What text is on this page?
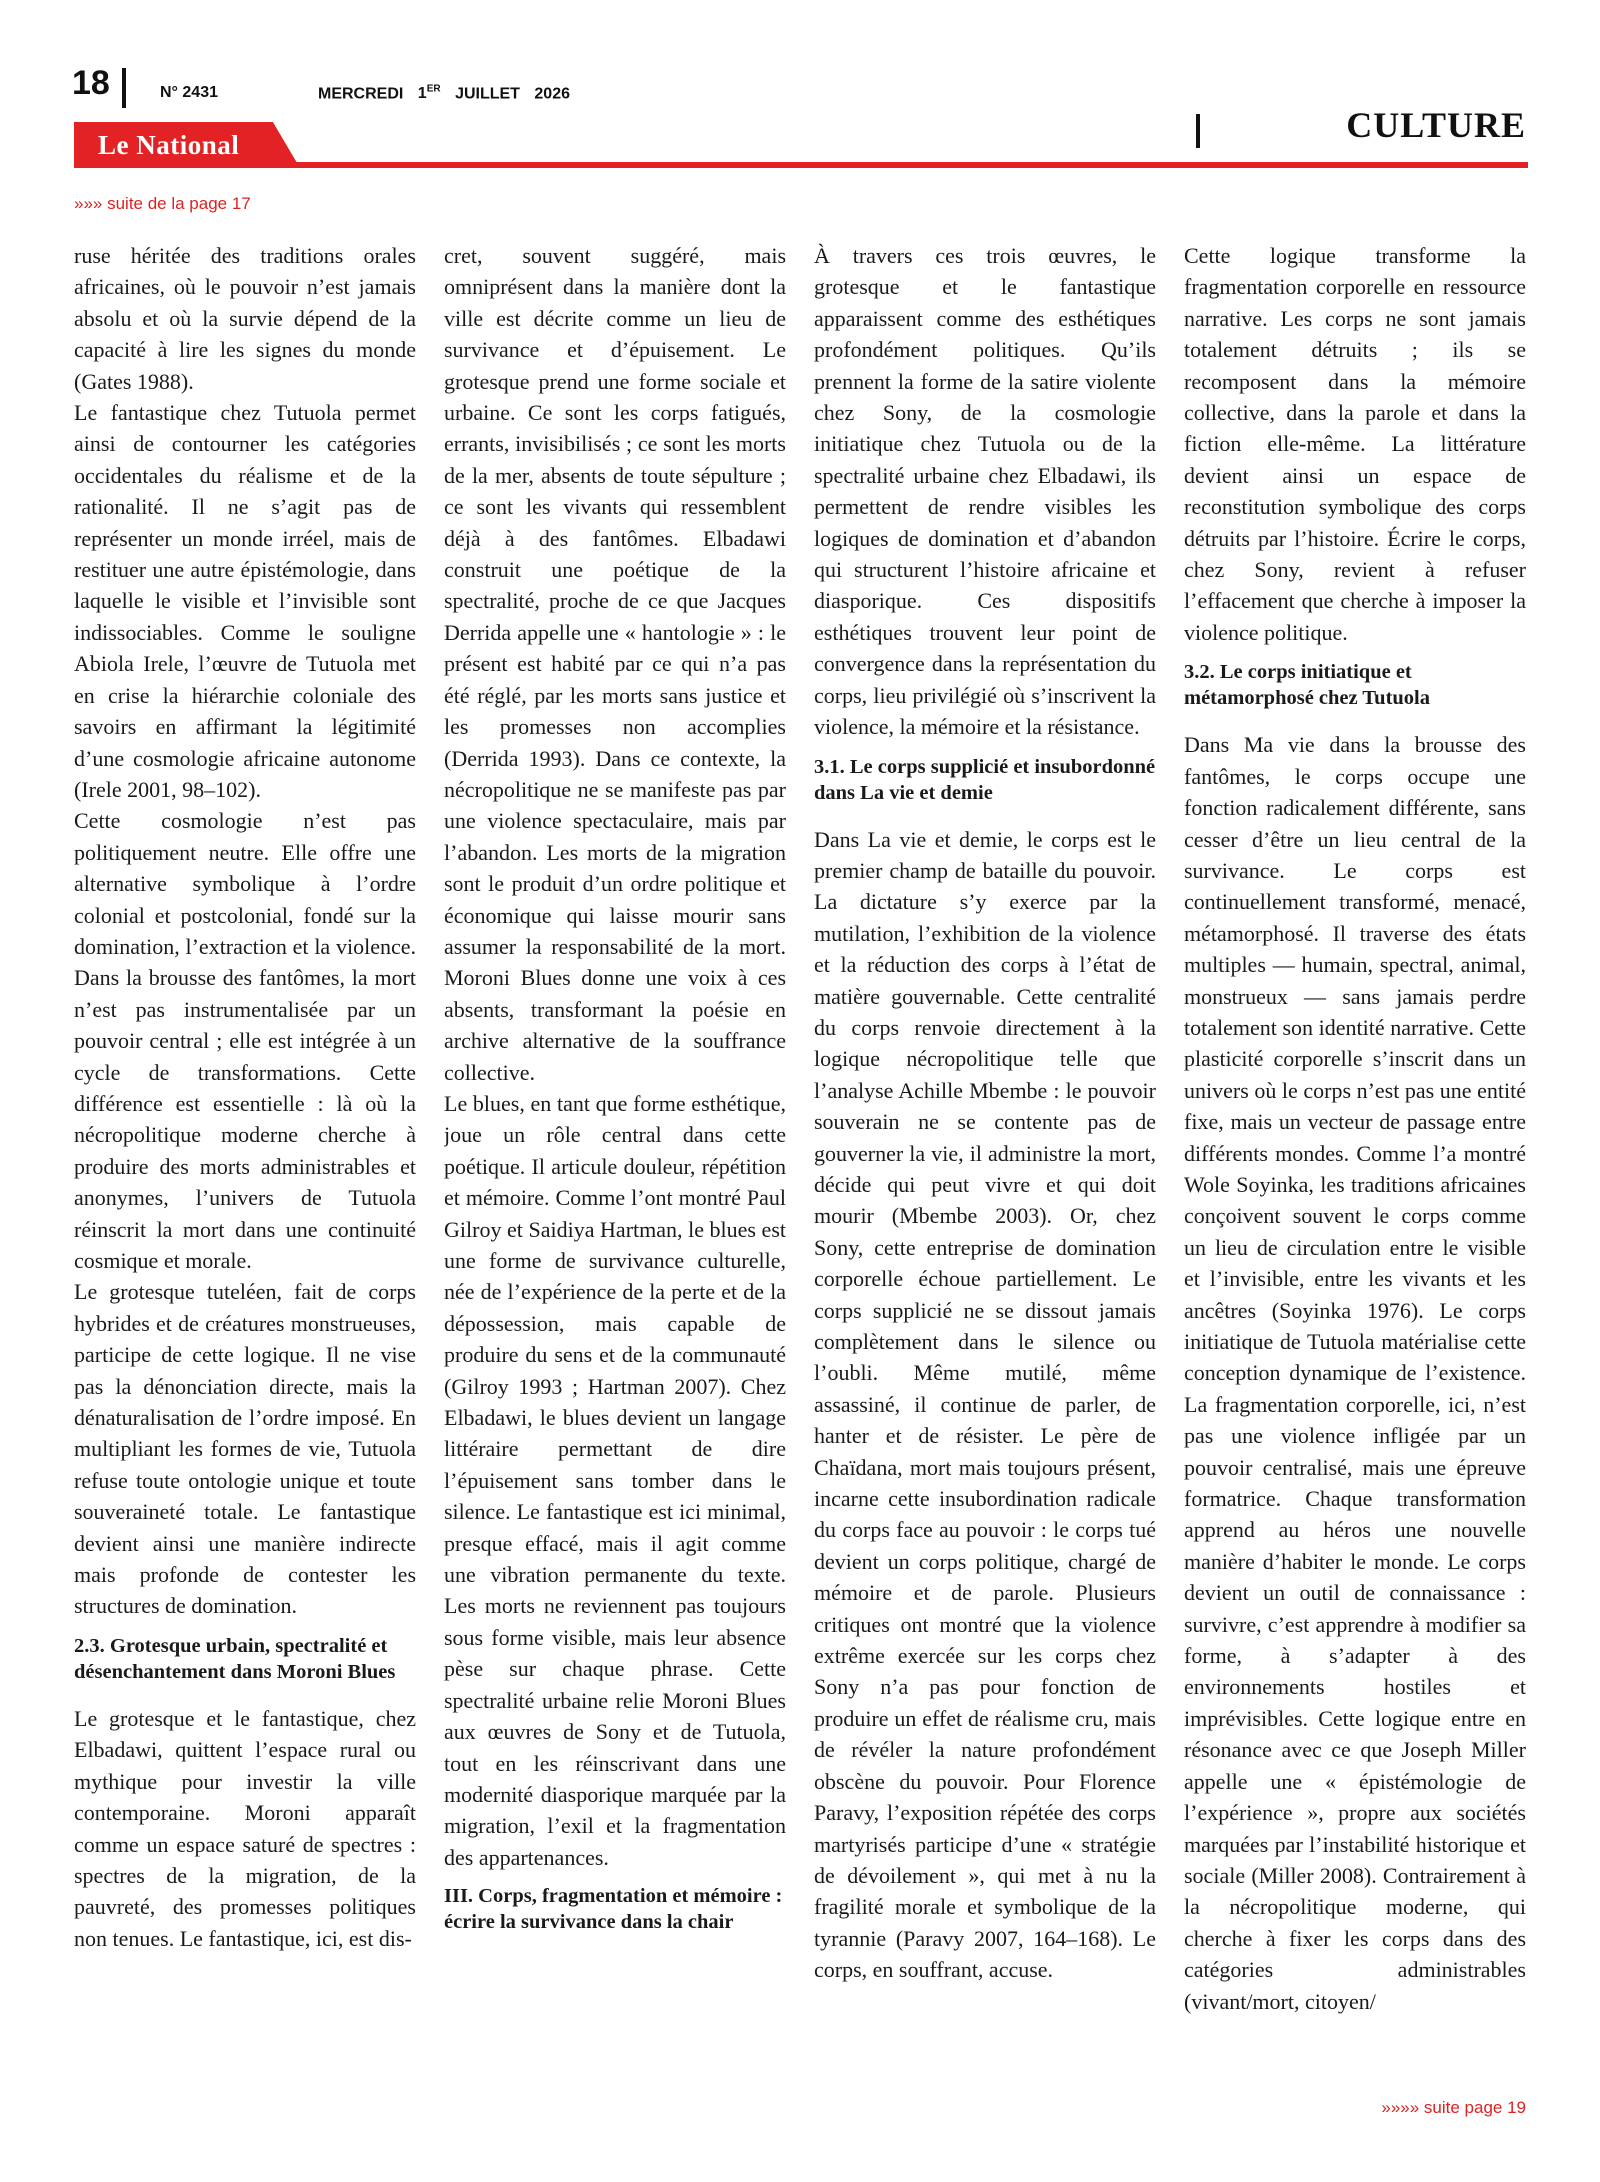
18	N° 2431	MERCREDI 1ER JUILLET 2026
Le National	CULTURE
»»» suite de la page 17

ruse héritée des traditions orales africaines, où le pouvoir n’est jamais absolu et où la survie dépend de la capacité à lire les signes du monde (Gates 1988).

Le fantastique chez Tutuola permet ainsi de contourner les catégories occidentales du réalisme et de la rationalité. Il ne s’agit pas de représenter un monde irréel, mais de restituer une autre épistémologie, dans laquelle le visible et l’invisible sont indissociables. Comme le souligne Abiola Irele, l’œuvre de Tutuola met en crise la hiérarchie coloniale des savoirs en affirmant la légitimité d’une cosmologie africaine autonome (Irele 2001, 98–102).

Cette cosmologie n’est pas politiquement neutre. Elle offre une alternative symbolique à l’ordre colonial et postcolonial, fondé sur la domination, l’extraction et la violence. Dans la brousse des fantômes, la mort n’est pas instrumentalisée par un pouvoir central ; elle est intégrée à un cycle de transformations. Cette différence est essentielle : là où la nécropolitique moderne cherche à produire des morts administrables et anonymes, l’univers de Tutuola réinscrit la mort dans une continuité cosmique et morale.

Le grotesque tuteléen, fait de corps hybrides et de créatures monstrueuses, participe de cette logique. Il ne vise pas la dénonciation directe, mais la dénaturalisation de l’ordre imposé. En multipliant les formes de vie, Tutuola refuse toute ontologie unique et toute souveraineté totale. Le fantastique devient ainsi une manière indirecte mais profonde de contester les structures de domination.

2.3. Grotesque urbain, spectralité et désenchantement dans Moroni Blues

Le grotesque et le fantastique, chez Elbadawi, quittent l’espace rural ou mythique pour investir la ville contemporaine. Moroni apparaît comme un espace saturé de spectres : spectres de la migration, de la pauvreté, des promesses politiques non tenues. Le fantastique, ici, est dis-

cret, souvent suggéré, mais omniprésent dans la manière dont la ville est décrite comme un lieu de survivance et d’épuisement. Le grotesque prend une forme sociale et urbaine. Ce sont les corps fatigués, errants, invisibilisés ; ce sont les morts de la mer, absents de toute sépulture ; ce sont les vivants qui ressemblent déjà à des fantômes. Elbadawi construit une poétique de la spectralité, proche de ce que Jacques Derrida appelle une « hantologie » : le présent est habité par ce qui n’a pas été réglé, par les morts sans justice et les promesses non accomplies (Derrida 1993). Dans ce contexte, la nécropolitique ne se manifeste pas par une violence spectaculaire, mais par l’abandon. Les morts de la migration sont le produit d’un ordre politique et économique qui laisse mourir sans assumer la responsabilité de la mort. Moroni Blues donne une voix à ces absents, transformant la poésie en archive alternative de la souffrance collective.

Le blues, en tant que forme esthétique, joue un rôle central dans cette poétique. Il articule douleur, répétition et mémoire. Comme l’ont montré Paul Gilroy et Saidiya Hartman, le blues est une forme de survivance culturelle, née de l’expérience de la perte et de la dépossession, mais capable de produire du sens et de la communauté (Gilroy 1993 ; Hartman 2007). Chez Elbadawi, le blues devient un langage littéraire permettant de dire l’épuisement sans tomber dans le silence. Le fantastique est ici minimal, presque effacé, mais il agit comme une vibration permanente du texte. Les morts ne reviennent pas toujours sous forme visible, mais leur absence pèse sur chaque phrase. Cette spectralité urbaine relie Moroni Blues aux œuvres de Sony et de Tutuola, tout en les réinscrivant dans une modernité diasporique marquée par la migration, l’exil et la fragmentation des appartenances.

III. Corps, fragmentation et mémoire : écrire la survivance dans la chair

À travers ces trois œuvres, le grotesque et le fantastique apparaissent comme des esthétiques profondément politiques. Qu’ils prennent la forme de la satire violente chez Sony, de la cosmologie initiatique chez Tutuola ou de la spectralité urbaine chez Elbadawi, ils permettent de rendre visibles les logiques de domination et d’abandon qui structurent l’histoire africaine et diasporique. Ces dispositifs esthétiques trouvent leur point de convergence dans la représentation du corps, lieu privilégié où s’inscrivent la violence, la mémoire et la résistance.

3.1. Le corps supplicié et insubordonné dans La vie et demie

Dans La vie et demie, le corps est le premier champ de bataille du pouvoir. La dictature s’y exerce par la mutilation, l’exhibition de la violence et la réduction des corps à l’état de matière gouvernable. Cette centralité du corps renvoie directement à la logique nécropolitique telle que l’analyse Achille Mbembe : le pouvoir souverain ne se contente pas de gouverner la vie, il administre la mort, décide qui peut vivre et qui doit mourir (Mbembe 2003). Or, chez Sony, cette entreprise de domination corporelle échoue partiellement. Le corps supplicié ne se dissout jamais complètement dans le silence ou l’oubli. Même mutilé, même assassiné, il continue de parler, de hanter et de résister. Le père de Chaïdana, mort mais toujours présent, incarne cette insubordination radicale du corps face au pouvoir : le corps tué devient un corps politique, chargé de mémoire et de parole. Plusieurs critiques ont montré que la violence extrême exercée sur les corps chez Sony n’a pas pour fonction de produire un effet de réalisme cru, mais de révéler la nature profondément obscène du pouvoir. Pour Florence Paravy, l’exposition répétée des corps martyrisés participe d’une « stratégie de dévoilement », qui met à nu la fragilité morale et symbolique de la tyrannie (Paravy 2007, 164–168). Le corps, en souffrant, accuse.

Cette logique transforme la fragmentation corporelle en ressource narrative. Les corps ne sont jamais totalement détruits ; ils se recomposent dans la mémoire collective, dans la parole et dans la fiction elle-même. La littérature devient ainsi un espace de reconstitution symbolique des corps détruits par l’histoire. Écrire le corps, chez Sony, revient à refuser l’effacement que cherche à imposer la violence politique.

3.2. Le corps initiatique et métamorphosé chez Tutuola

Dans Ma vie dans la brousse des fantômes, le corps occupe une fonction radicalement différente, sans cesser d’être un lieu central de la survivance. Le corps est continuellement transformé, menacé, métamorphosé. Il traverse des états multiples — humain, spectral, animal, monstrueux — sans jamais perdre totalement son identité narrative. Cette plasticité corporelle s’inscrit dans un univers où le corps n’est pas une entité fixe, mais un vecteur de passage entre différents mondes. Comme l’a montré Wole Soyinka, les traditions africaines conçoivent souvent le corps comme un lieu de circulation entre le visible et l’invisible, entre les vivants et les ancêtres (Soyinka 1976). Le corps initiatique de Tutuola matérialise cette conception dynamique de l’existence. La fragmentation corporelle, ici, n’est pas une violence infligée par un pouvoir centralisé, mais une épreuve formatrice. Chaque transformation apprend au héros une nouvelle manière d’habiter le monde. Le corps devient un outil de connaissance : survivre, c’est apprendre à modifier sa forme, à s’adapter à des environnements hostiles et imprévisibles. Cette logique entre en résonance avec ce que Joseph Miller appelle une « épistémologie de l’expérience », propre aux sociétés marquées par l’instabilité historique et sociale (Miller 2008). Contrairement à la nécropolitique moderne, qui cherche à fixer les corps dans des catégories administrables (vivant/mort, citoyen/

»»»» suite page 19
